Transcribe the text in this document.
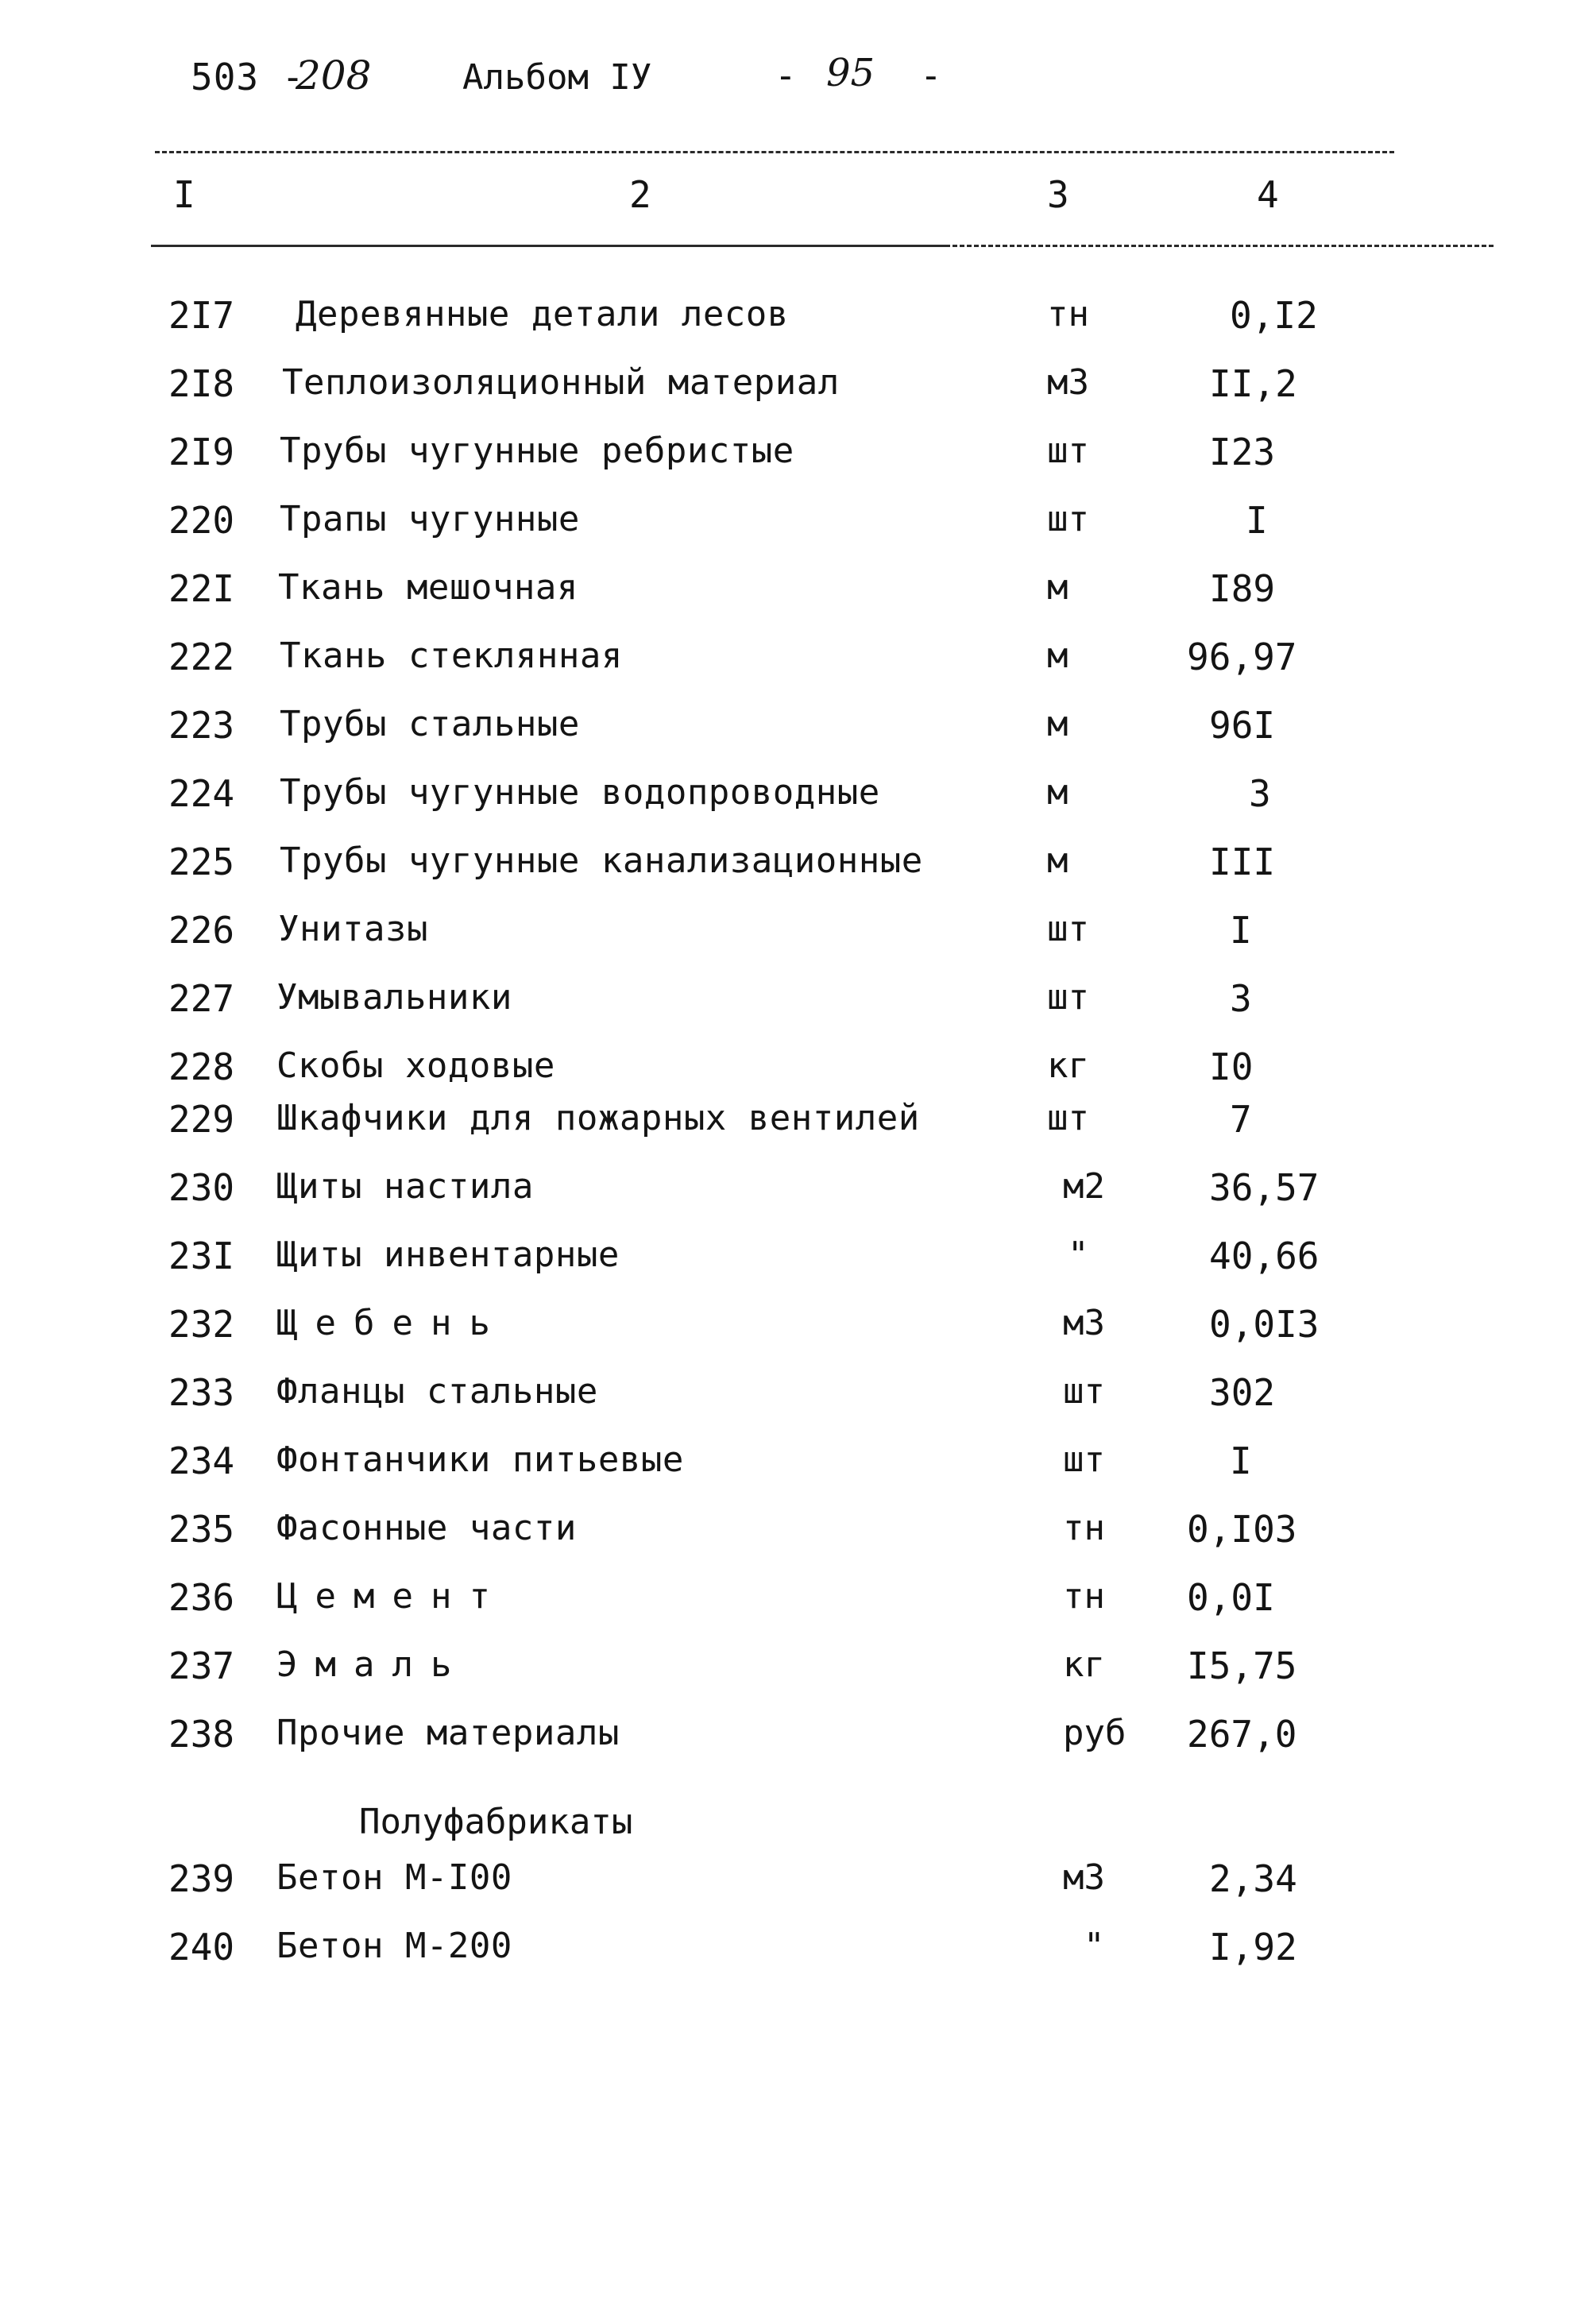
503 -
208	Альбом IУ	- 95 -
I	2	3	4
2I7 Деревянные детали лесов	тн	0,I2
2I8 Теплоизоляционный материал	м3	II,2
2I9 Трубы чугунные ребристые	шт	I23
220 Трапы чугунные	шт	I
22I Ткань мешочная	м	I89
222 Ткань стеклянная	м	96,97
223 Трубы стальные	м	96I
224 Трубы чугунные водопроводные	м	3
225 Трубы чугунные канализационные	м	III
226 Унитазы	шт	I
227 Умывальники	шт	3
228 Скобы ходовые	кг	I0
229 Шкафчики для пожарных вентилей	шт	7
230 Щиты настила	м2	36,57
23I Щиты инвентарные	"	40,66
232 Щебень	м3	0,0I3
233 Фланцы стальные	шт	302
234 Фонтанчики питьевые	шт	I
235 Фасонные части	тн 0,I03
236 Цемент	тн 0,0I
237 Эмаль	кг I5,75
238 Прочие материалы	руб 267,0
Полуфабрикаты
239 Бетон М-I00	м3	2,34
240 Бетон М-200	"	I,92
